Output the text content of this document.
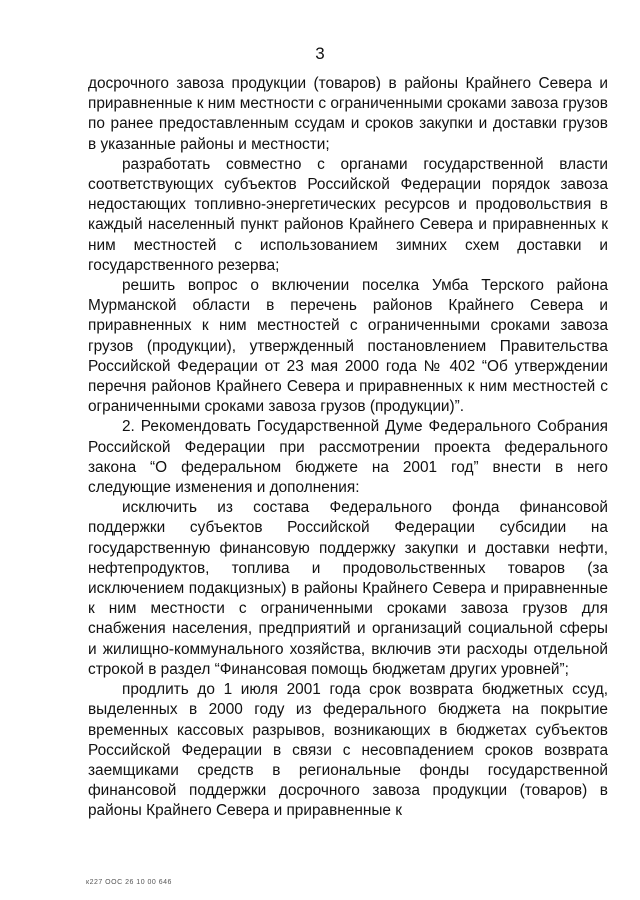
3

досрочного завоза продукции (товаров) в районы Крайнего Севера и приравненные к ним местности с ограниченными сроками завоза грузов по ранее предоставленным ссудам и сроков закупки и доставки грузов в указанные районы и местности;

разработать совместно с органами государственной власти соответствующих субъектов Российской Федерации порядок завоза недостающих топливно-энергетических ресурсов и продовольствия в каждый населенный пункт районов Крайнего Севера и приравненных к ним местностей с использованием зимних схем доставки и государственного резерва;

решить вопрос о включении поселка Умба Терского района Мурманской области в перечень районов Крайнего Севера и приравненных к ним местностей с ограниченными сроками завоза грузов (продукции), утвержденный постановлением Правительства Российской Федерации от 23 мая 2000 года № 402 “Об утверждении перечня районов Крайнего Севера и приравненных к ним местностей с ограниченными сроками завоза грузов (продукции)”.

2. Рекомендовать Государственной Думе Федерального Собрания Российской Федерации при рассмотрении проекта федерального закона “О федеральном бюджете на 2001 год” внести в него следующие изменения и дополнения:

исключить из состава Федерального фонда финансовой поддержки субъектов Российской Федерации субсидии на государственную финансовую поддержку закупки и доставки нефти, нефтепродуктов, топлива и продовольственных товаров (за исключением подакцизных) в районы Крайнего Севера и приравненные к ним местности с ограниченными сроками завоза грузов для снабжения населения, предприятий и организаций социальной сферы и жилищно-коммунального хозяйства, включив эти расходы отдельной строкой в раздел “Финансовая помощь бюджетам других уровней”;

продлить до 1 июля 2001 года срок возврата бюджетных ссуд, выделенных в 2000 году из федерального бюджета на покрытие временных кассовых разрывов, возникающих в бюджетах субъектов Российской Федерации в связи с несовпадением сроков возврата заемщиками средств в региональные фонды государственной финансовой поддержки досрочного завоза продукции (товаров) в районы Крайнего Севера и приравненные к

к227 ООС 26 10 00 646
